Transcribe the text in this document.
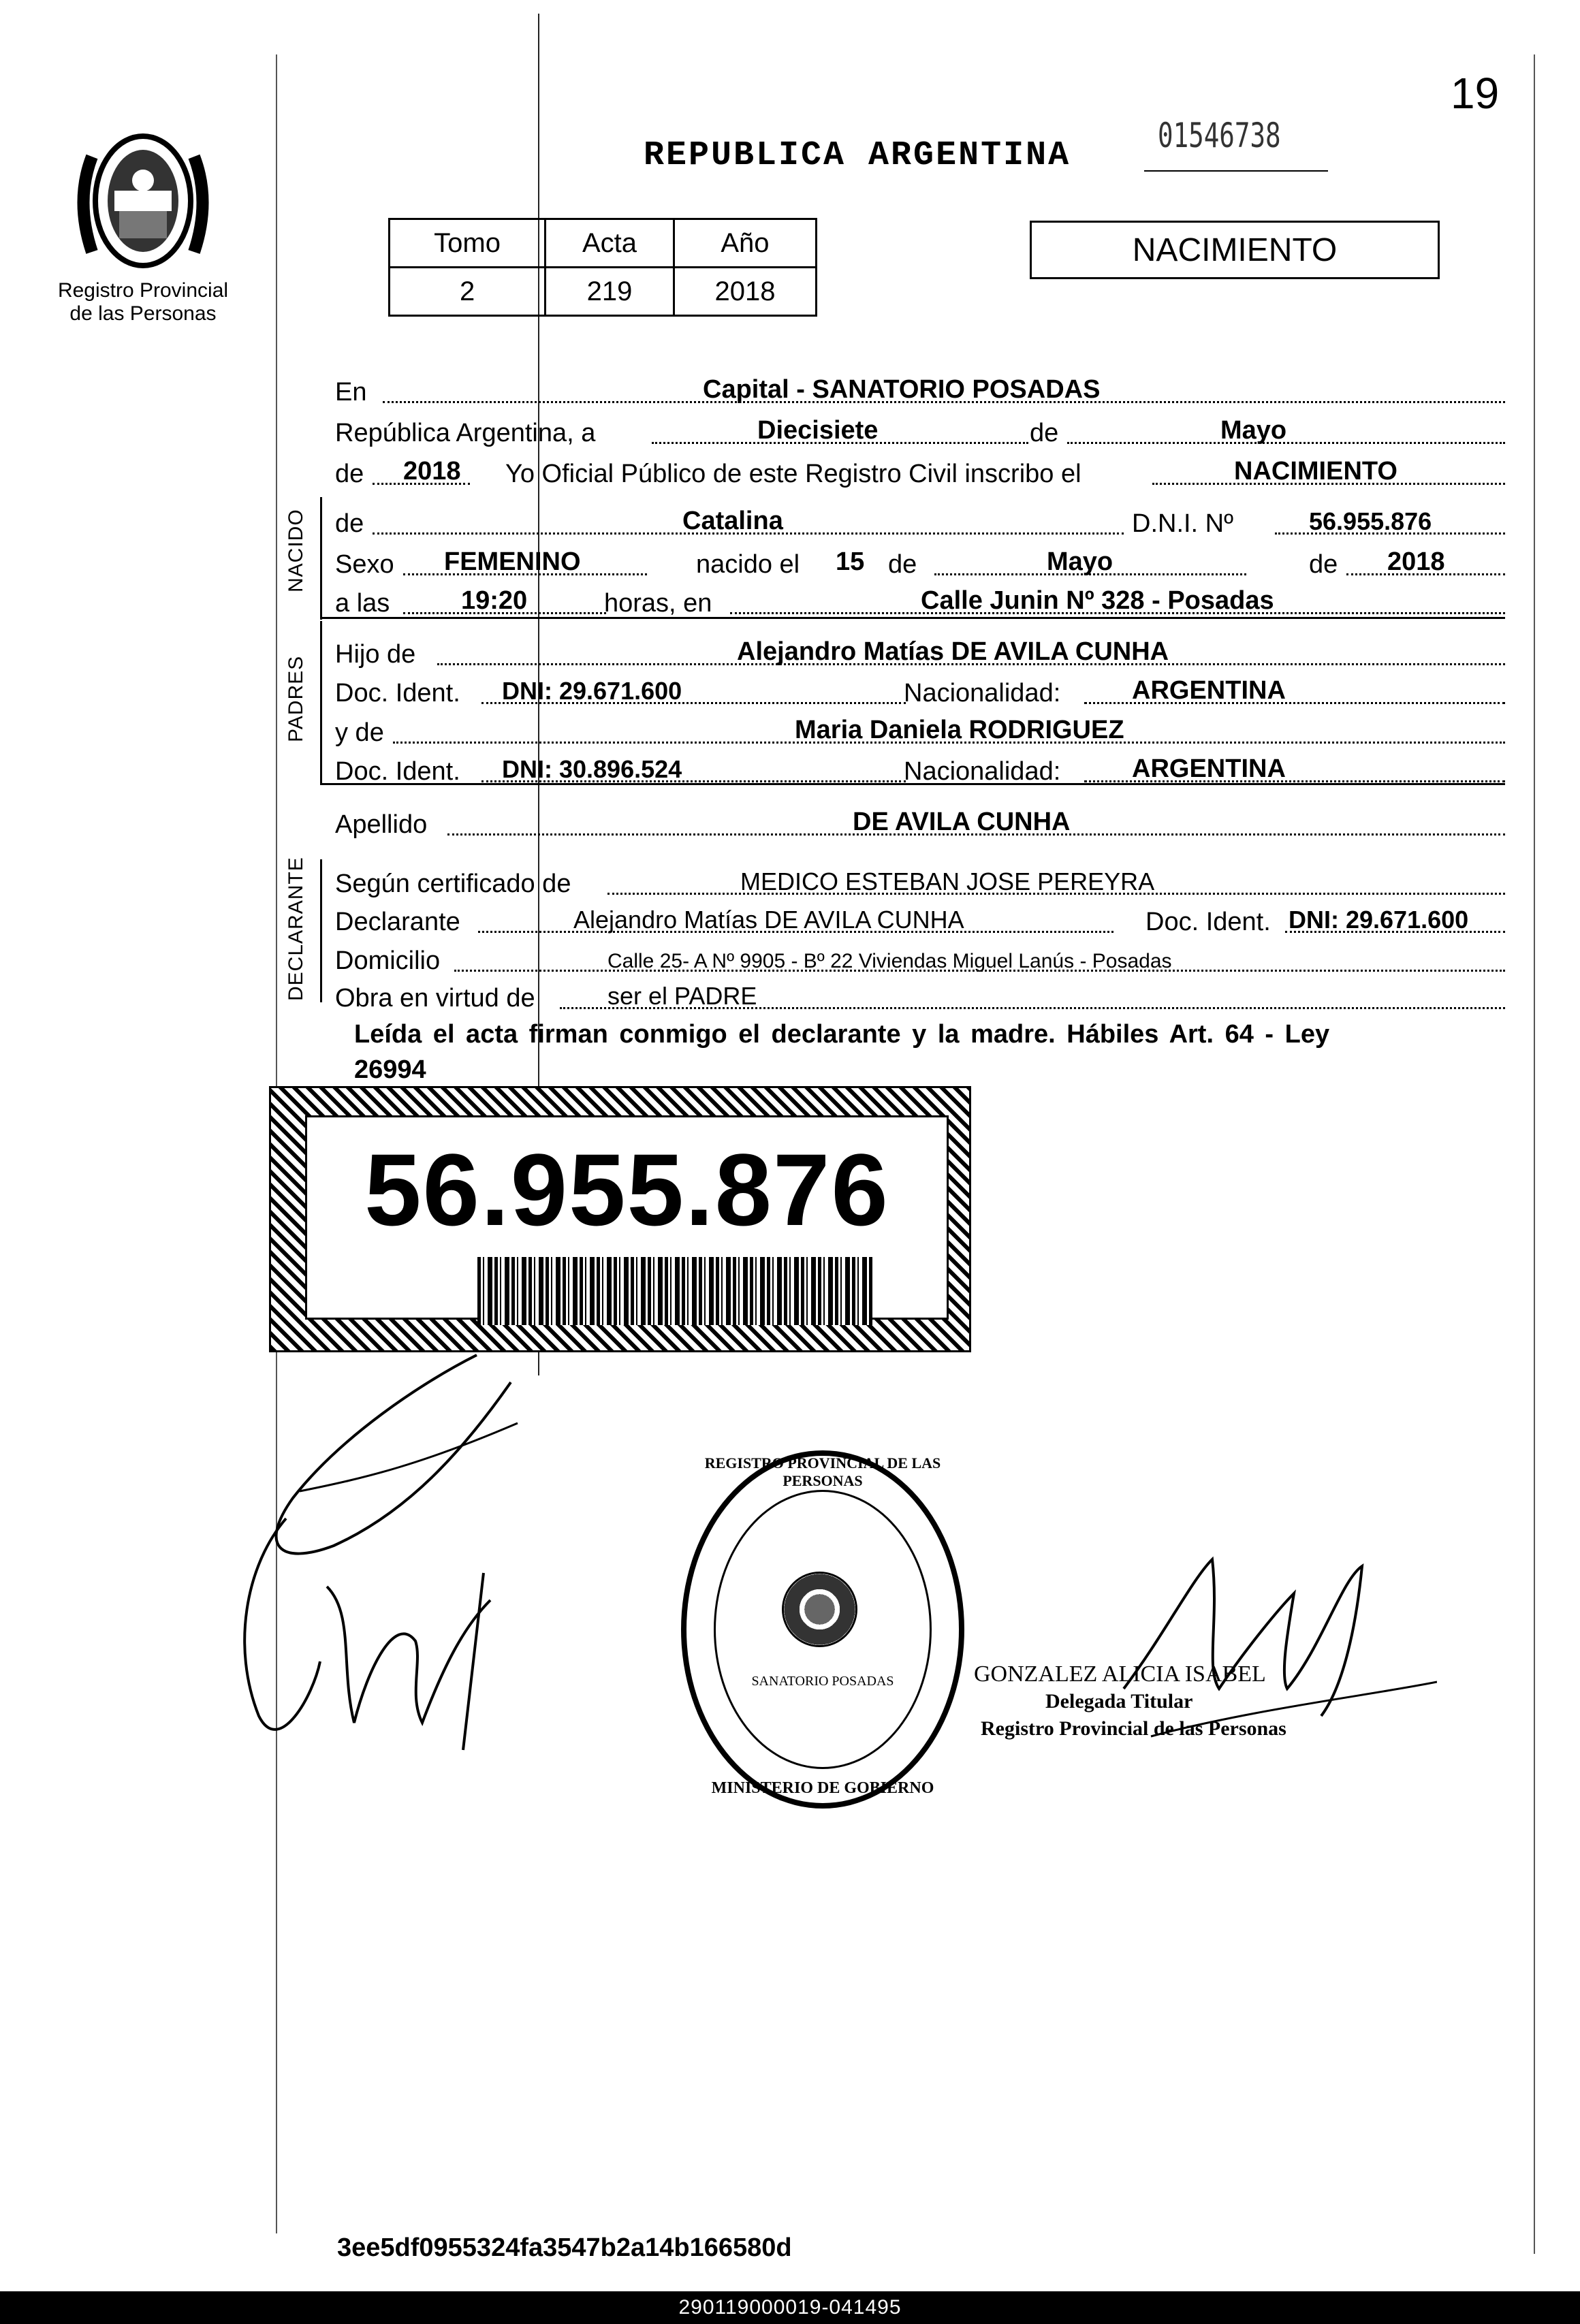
19
Registro Provincial
de las Personas
REPUBLICA ARGENTINA
01546738
Tomo	Acta	Año
2	219	2018
NACIMIENTO
En	Capital - SANATORIO POSADAS
República Argentina, a	Diecisiete	de	Mayo
de 2018 Yo Oficial Público de este Registro Civil inscribo el	NACIMIENTO
NACIDO de	Catalina	D.N.I. Nº	56.955.876
Sexo FEMENINO	nacido el 15 de	Mayo	de 2018
a las	19:20	horas, en	Calle Junin Nº 328 - Posadas
PADRES
Hijo de	Alejandro Matías DE AVILA CUNHA
Doc. Ident. DNI: 29.671.600	Nacionalidad:	ARGENTINA
y de	Maria Daniela RODRIGUEZ
Doc. Ident. DNI: 30.896.524	Nacionalidad:	ARGENTINA
Apellido	DE AVILA CUNHA
DECLARANTE Según certificado de	MEDICO ESTEBAN JOSE PEREYRA
Declarante	Alejandro Matías DE AVILA CUNHA	Doc. Ident. DNI: 29.671.600
Domicilio	Calle 25- A Nº 9905 - Bº 22 Viviendas Miguel Lanús - Posadas
Obra en virtud de	ser el PADRE
Leída el acta firman conmigo el declarante y la madre. Hábiles Art. 64 - Ley
26994
56.955.876
REGISTRO PROVINCIAL DE LAS PERSONAS
SANATORIO POSADAS
MINISTERIO DE GOBIERNO
GONZALEZ ALICIA ISABEL
Delegada Titular
Registro Provincial de las Personas
3ee5df0955324fa3547b2a14b166580d
290119000019-041495
